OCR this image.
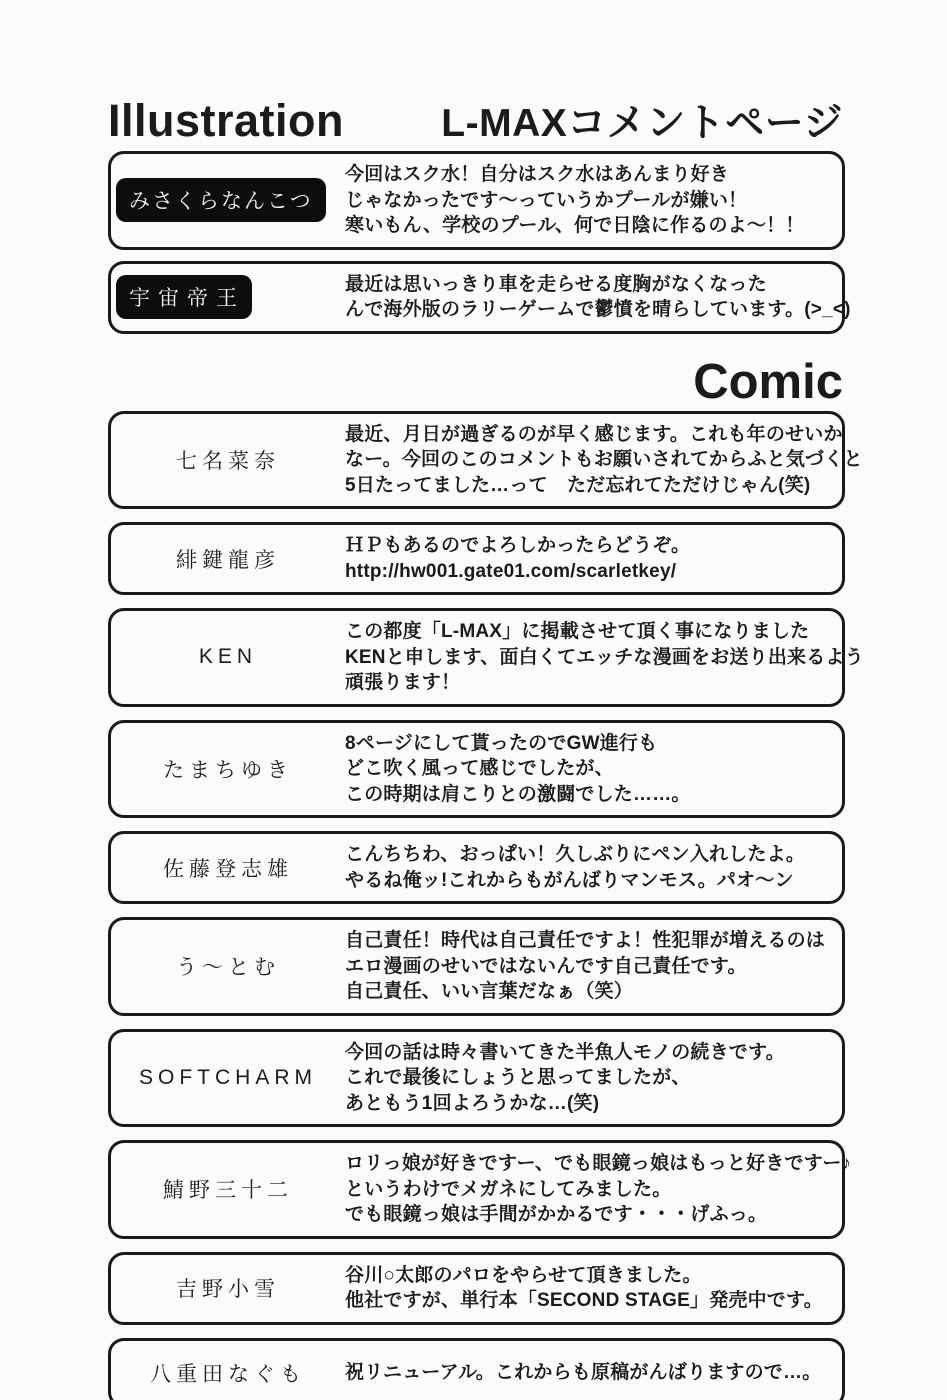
Illustration L-MAXコメントページ
みさくらなんこつ
今回はスク水！自分はスク水はあんまり好き
じゃなかったです～っていうかプールが嫌い！
寒いもん、学校のプール、何で日陰に作るのよ～！！
宇宙帝王
最近は思いっきり車を走らせる度胸がなくなった
んで海外版のラリーゲームで鬱憤を晴らしています。(>_<)
Comic
七名菜奈
最近、月日が過ぎるのが早く感じます。これも年のせいか
なー。今回のこのコメントもお願いされてからふと気づくと
5日たってました…って　ただ忘れてただけじゃん(笑)
緋鍵龍彦
ＨＰもあるのでよろしかったらどうぞ。
http://hw001.gate01.com/scarletkey/
KEN
この都度「L-MAX」に掲載させて頂く事になりました
KENと申します、面白くてエッチな漫画をお送り出来るよう
頑張ります！
たまちゆき
8ページにして貰ったのでGW進行も
どこ吹く風って感じでしたが、
この時期は肩こりとの激闘でした……。
佐藤登志雄
こんちちわ、おっぱい！久しぶりにペン入れしたよ。
やるね俺ッ!これからもがんばりマンモス。パオ～ン
う～とむ
自己責任！時代は自己責任ですよ！性犯罪が増えるのは
エロ漫画のせいではないんです自己責任です。
自己責任、いい言葉だなぁ（笑）
SOFTCHARM
今回の話は時々書いてきた半魚人モノの続きです。
これで最後にしょうと思ってましたが、
あともう1回よろうかな…(笑)
鯖野三十二
ロリっ娘が好きですー、でも眼鏡っ娘はもっと好きですー♪
というわけでメガネにしてみました。
でも眼鏡っ娘は手間がかかるです・・・げふっ。
吉野小雪
谷川○太郎のパロをやらせて頂きました。
他社ですが、単行本「SECOND STAGE」発売中です。
八重田なぐも 祝リニューアル。これからも原稿がんばりますので…。
